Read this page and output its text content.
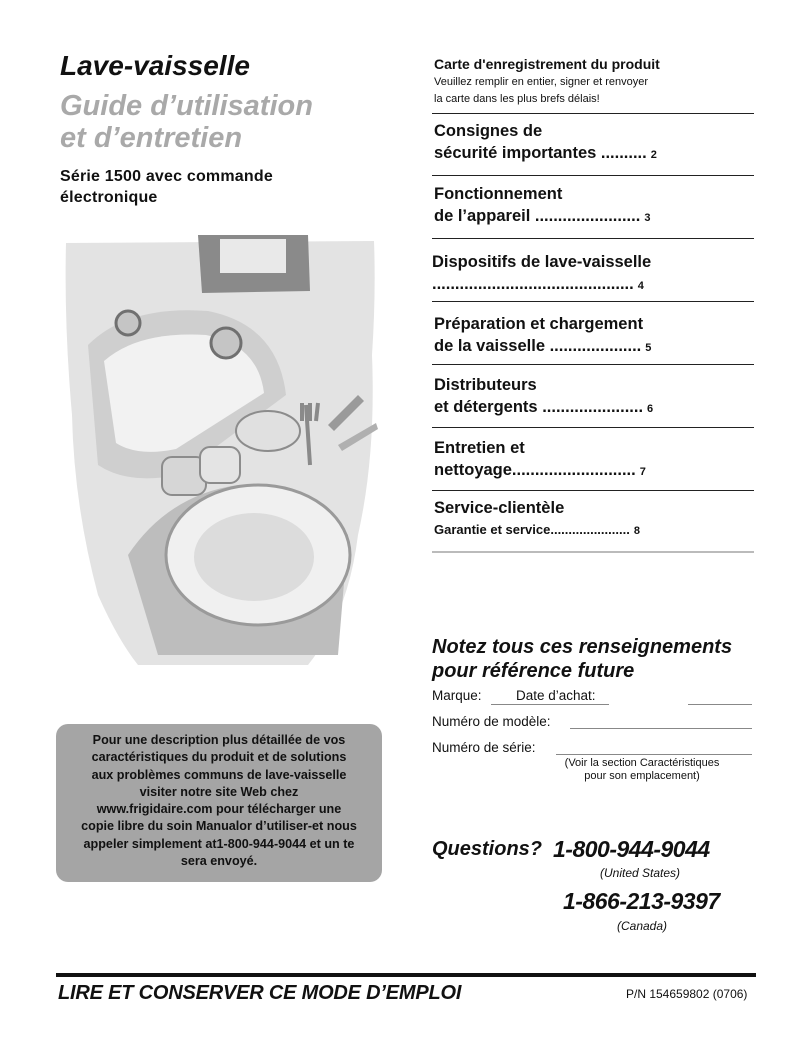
Lave-vaisselle
Guide d’utilisation
et d’entretien
Série 1500 avec commande
électronique
Pour une description plus détaillée de vos
caractéristiques du produit et de solutions
aux problèmes communs de lave-vaisselle
visiter notre site Web chez
www.frigidaire.com pour télécharger une
copie libre du soin Manualor d’utiliser-et nous
appeler simplement at1-800-944-9044 et un te
sera envoyé.
Carte d'enregistrement du produit
Veuillez remplir en entier, signer et renvoyer
la carte dans les plus brefs délais!
Consignes de
sécurité importantes .......... 2
Fonctionnement
de l’appareil ....................... 3
Dispositifs de lave-vaisselle
............................................ 4
Préparation et chargement
de la vaisselle .................... 5
Distributeurs
et détergents ...................... 6
Entretien et
nettoyage........................... 7
Service-clientèle
Garantie et service...................... 8
Notez tous ces renseignements
pour référence future
Marque:	Date d’achat:
Numéro de modèle:
Numéro de série:
(Voir la section Caractéristiques
pour son emplacement)
Questions? 1-800-944-9044
(United States)
1-866-213-9397
(Canada)
LIRE ET CONSERVER CE MODE D’EMPLOI	P/N 154659802 (0706)
